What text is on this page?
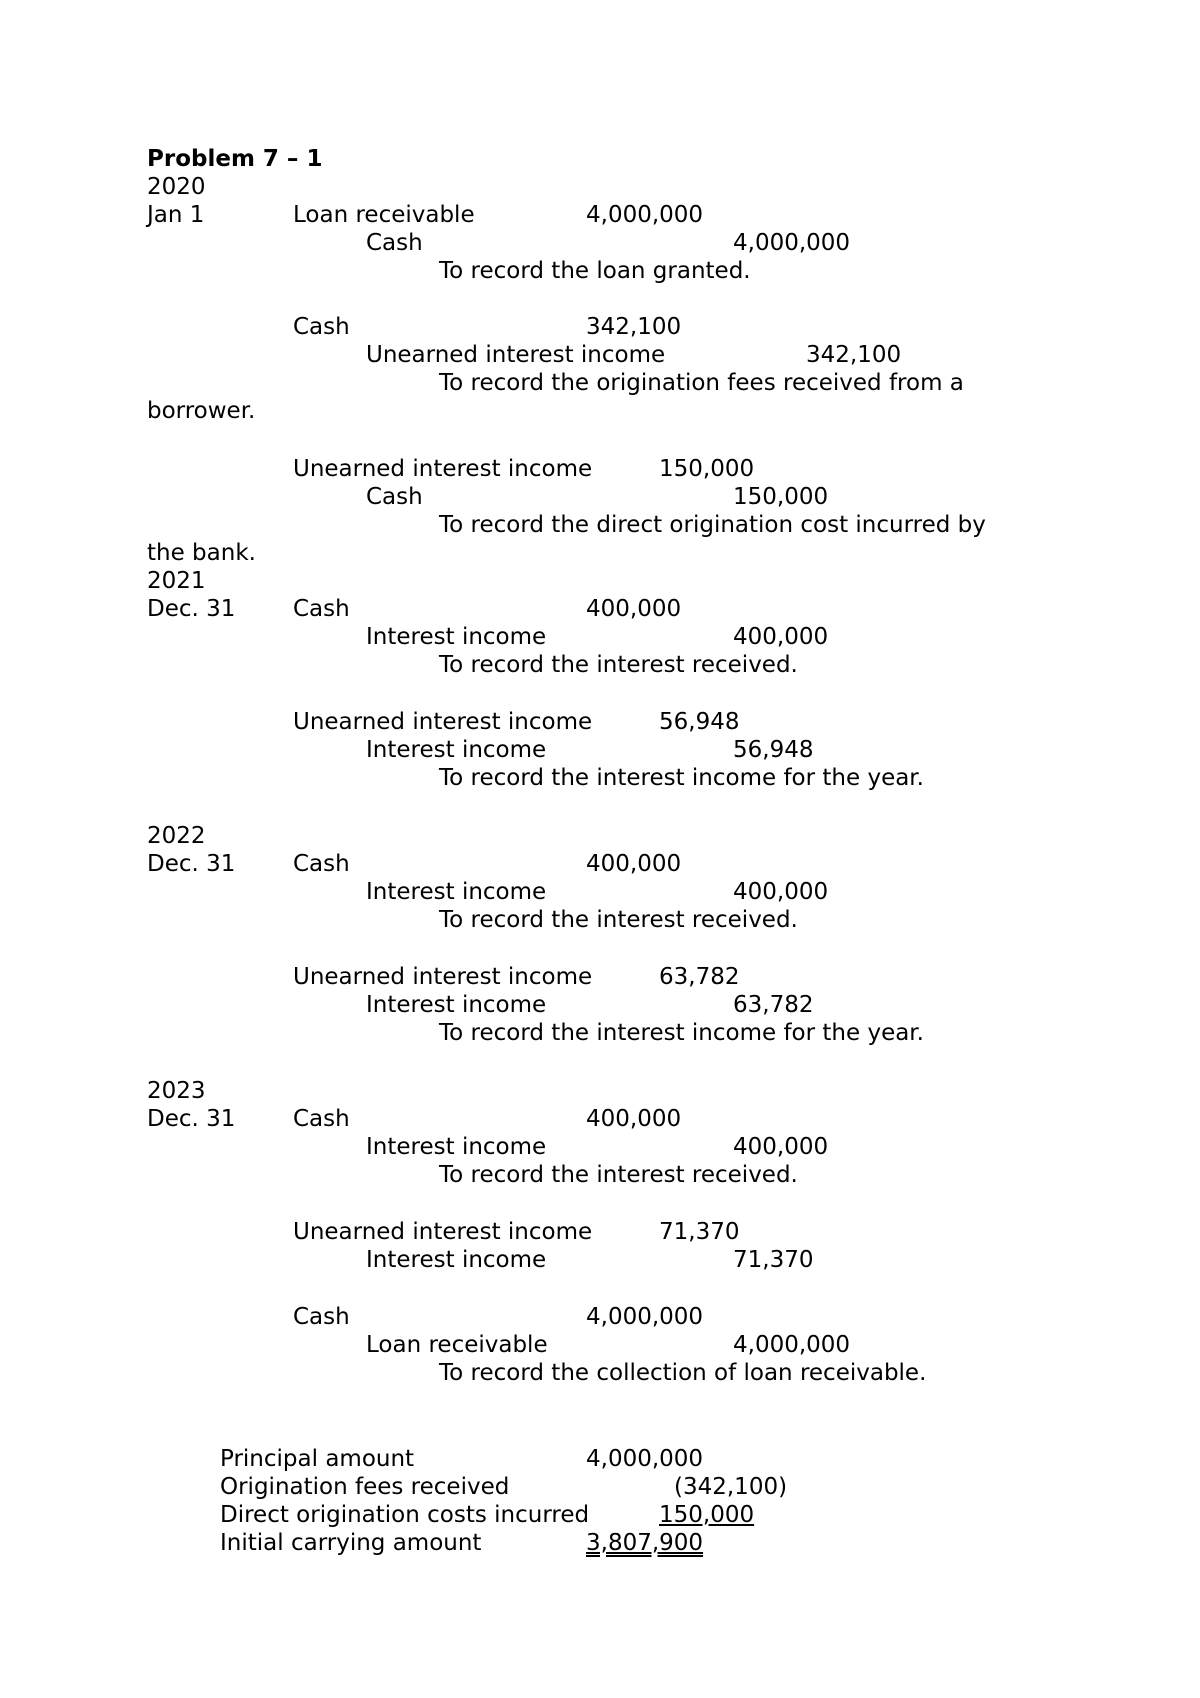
Problem 7 – 1
2020
Jan 1	Loan receivable	4,000,000
Cash	4,000,000
To record the loan granted.
Cash	342,100
Unearned interest income	342,100
To record the origination fees received from a
borrower.
Unearned interest income	150,000
Cash	150,000
To record the direct origination cost incurred by
the bank.
2021
Dec. 31	Cash	400,000
Interest income	400,000
To record the interest received.
Unearned interest income	56,948
Interest income	56,948
To record the interest income for the year.
2022
Dec. 31	Cash	400,000
Interest income	400,000
To record the interest received.
Unearned interest income	63,782
Interest income	63,782
To record the interest income for the year.
2023
Dec. 31	Cash	400,000
Interest income	400,000
To record the interest received.
Unearned interest income	71,370
Interest income	71,370
Cash	4,000,000
Loan receivable	4,000,000
To record the collection of loan receivable.
Principal amount	4,000,000
Origination fees received	(342,100)
Direct origination costs incurred	150,000
Initial carrying amount	3,807,900
